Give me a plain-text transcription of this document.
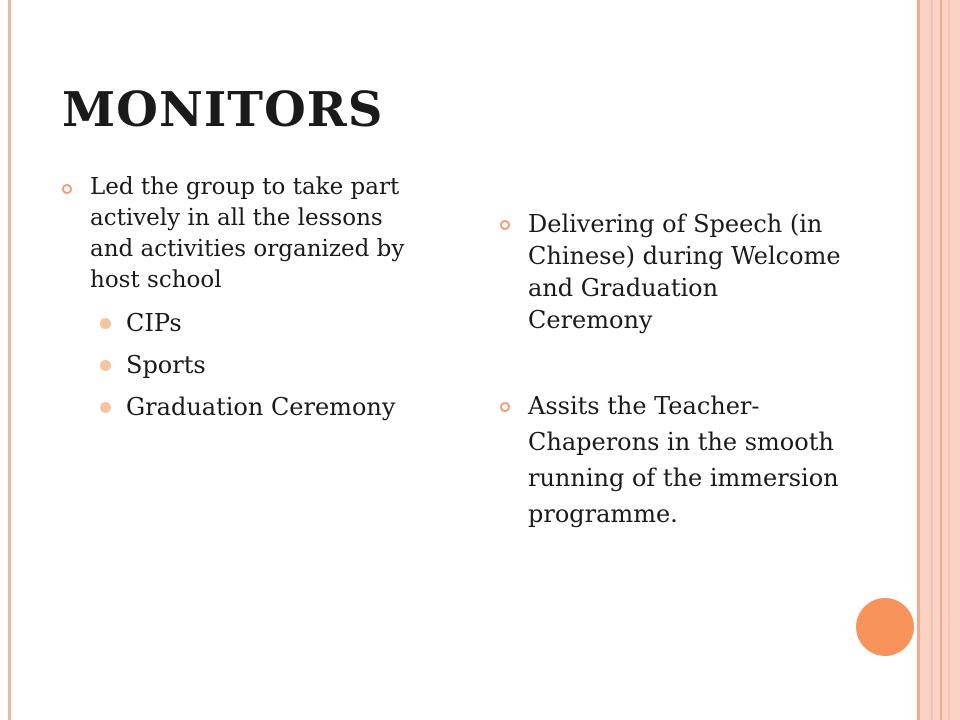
MONITORS
Led the group to take part actively in all the lessons and activities organized by host school
CIPs
Sports
Graduation Ceremony
Delivering of Speech (in Chinese) during Welcome and Graduation Ceremony
Assits the Teacher-Chaperons in the smooth running of the immersion programme.
